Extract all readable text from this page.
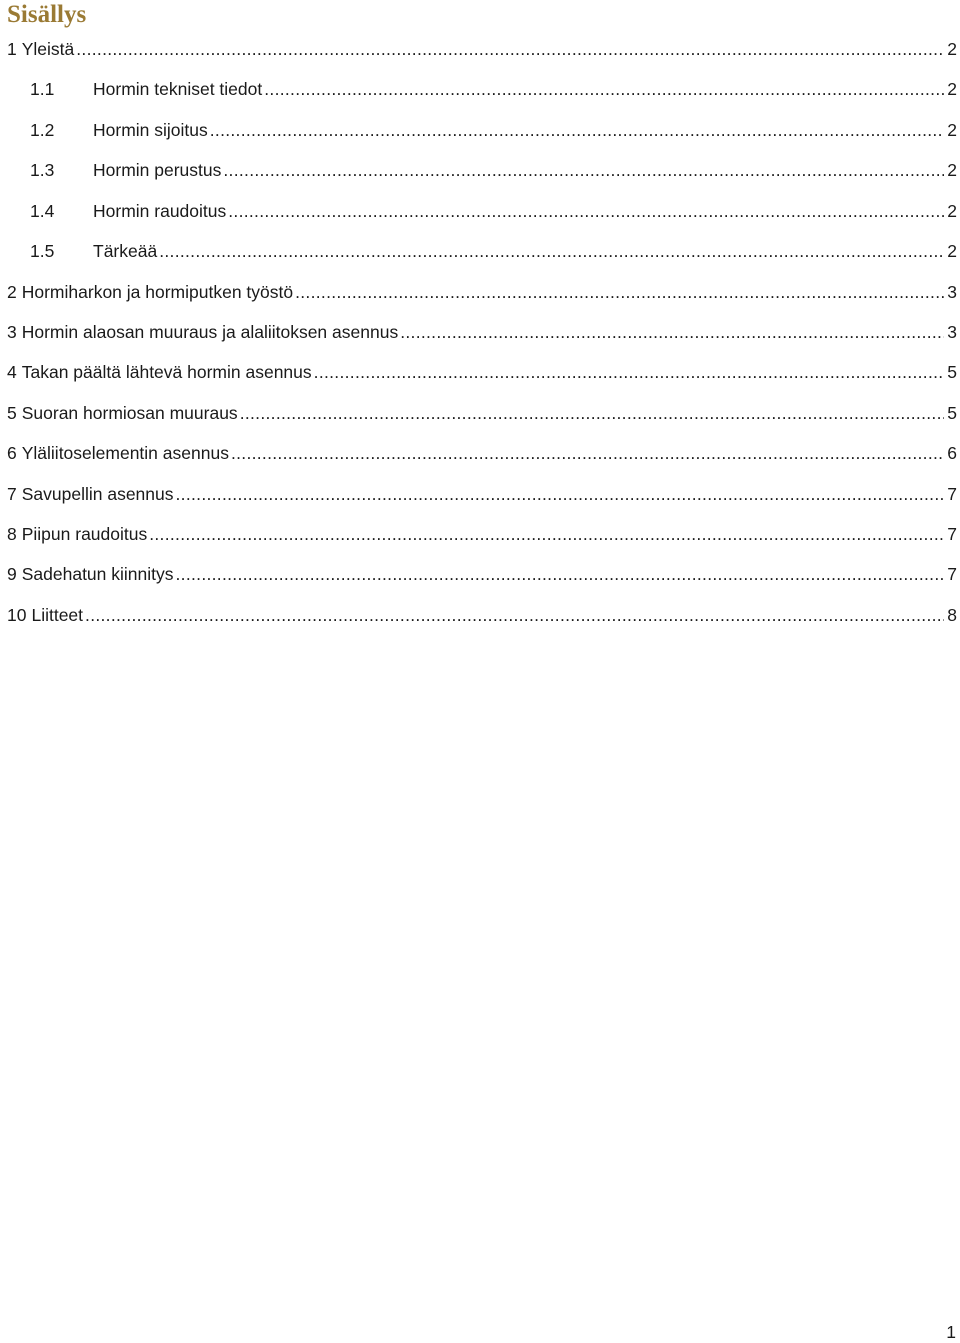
Sisällys
1 Yleistä .....	2
1.1	Hormin tekniset tiedot .....	2
1.2	Hormin sijoitus .....	2
1.3	Hormin perustus .....	2
1.4	Hormin raudoitus .....	2
1.5	Tärkeää .....	2
2 Hormiharkon ja hormiputken työstö .....	3
3 Hormin alaosan muuraus ja alaliitoksen asennus .....	3
4 Takan päältä lähtevä hormin asennus .....	5
5 Suoran hormiosan muuraus .....	5
6 Yläliitoselementin asennus .....	6
7 Savupellin asennus .....	7
8 Piipun raudoitus .....	7
9 Sadehatun kiinnitys .....	7
10 Liitteet .....	8
1
